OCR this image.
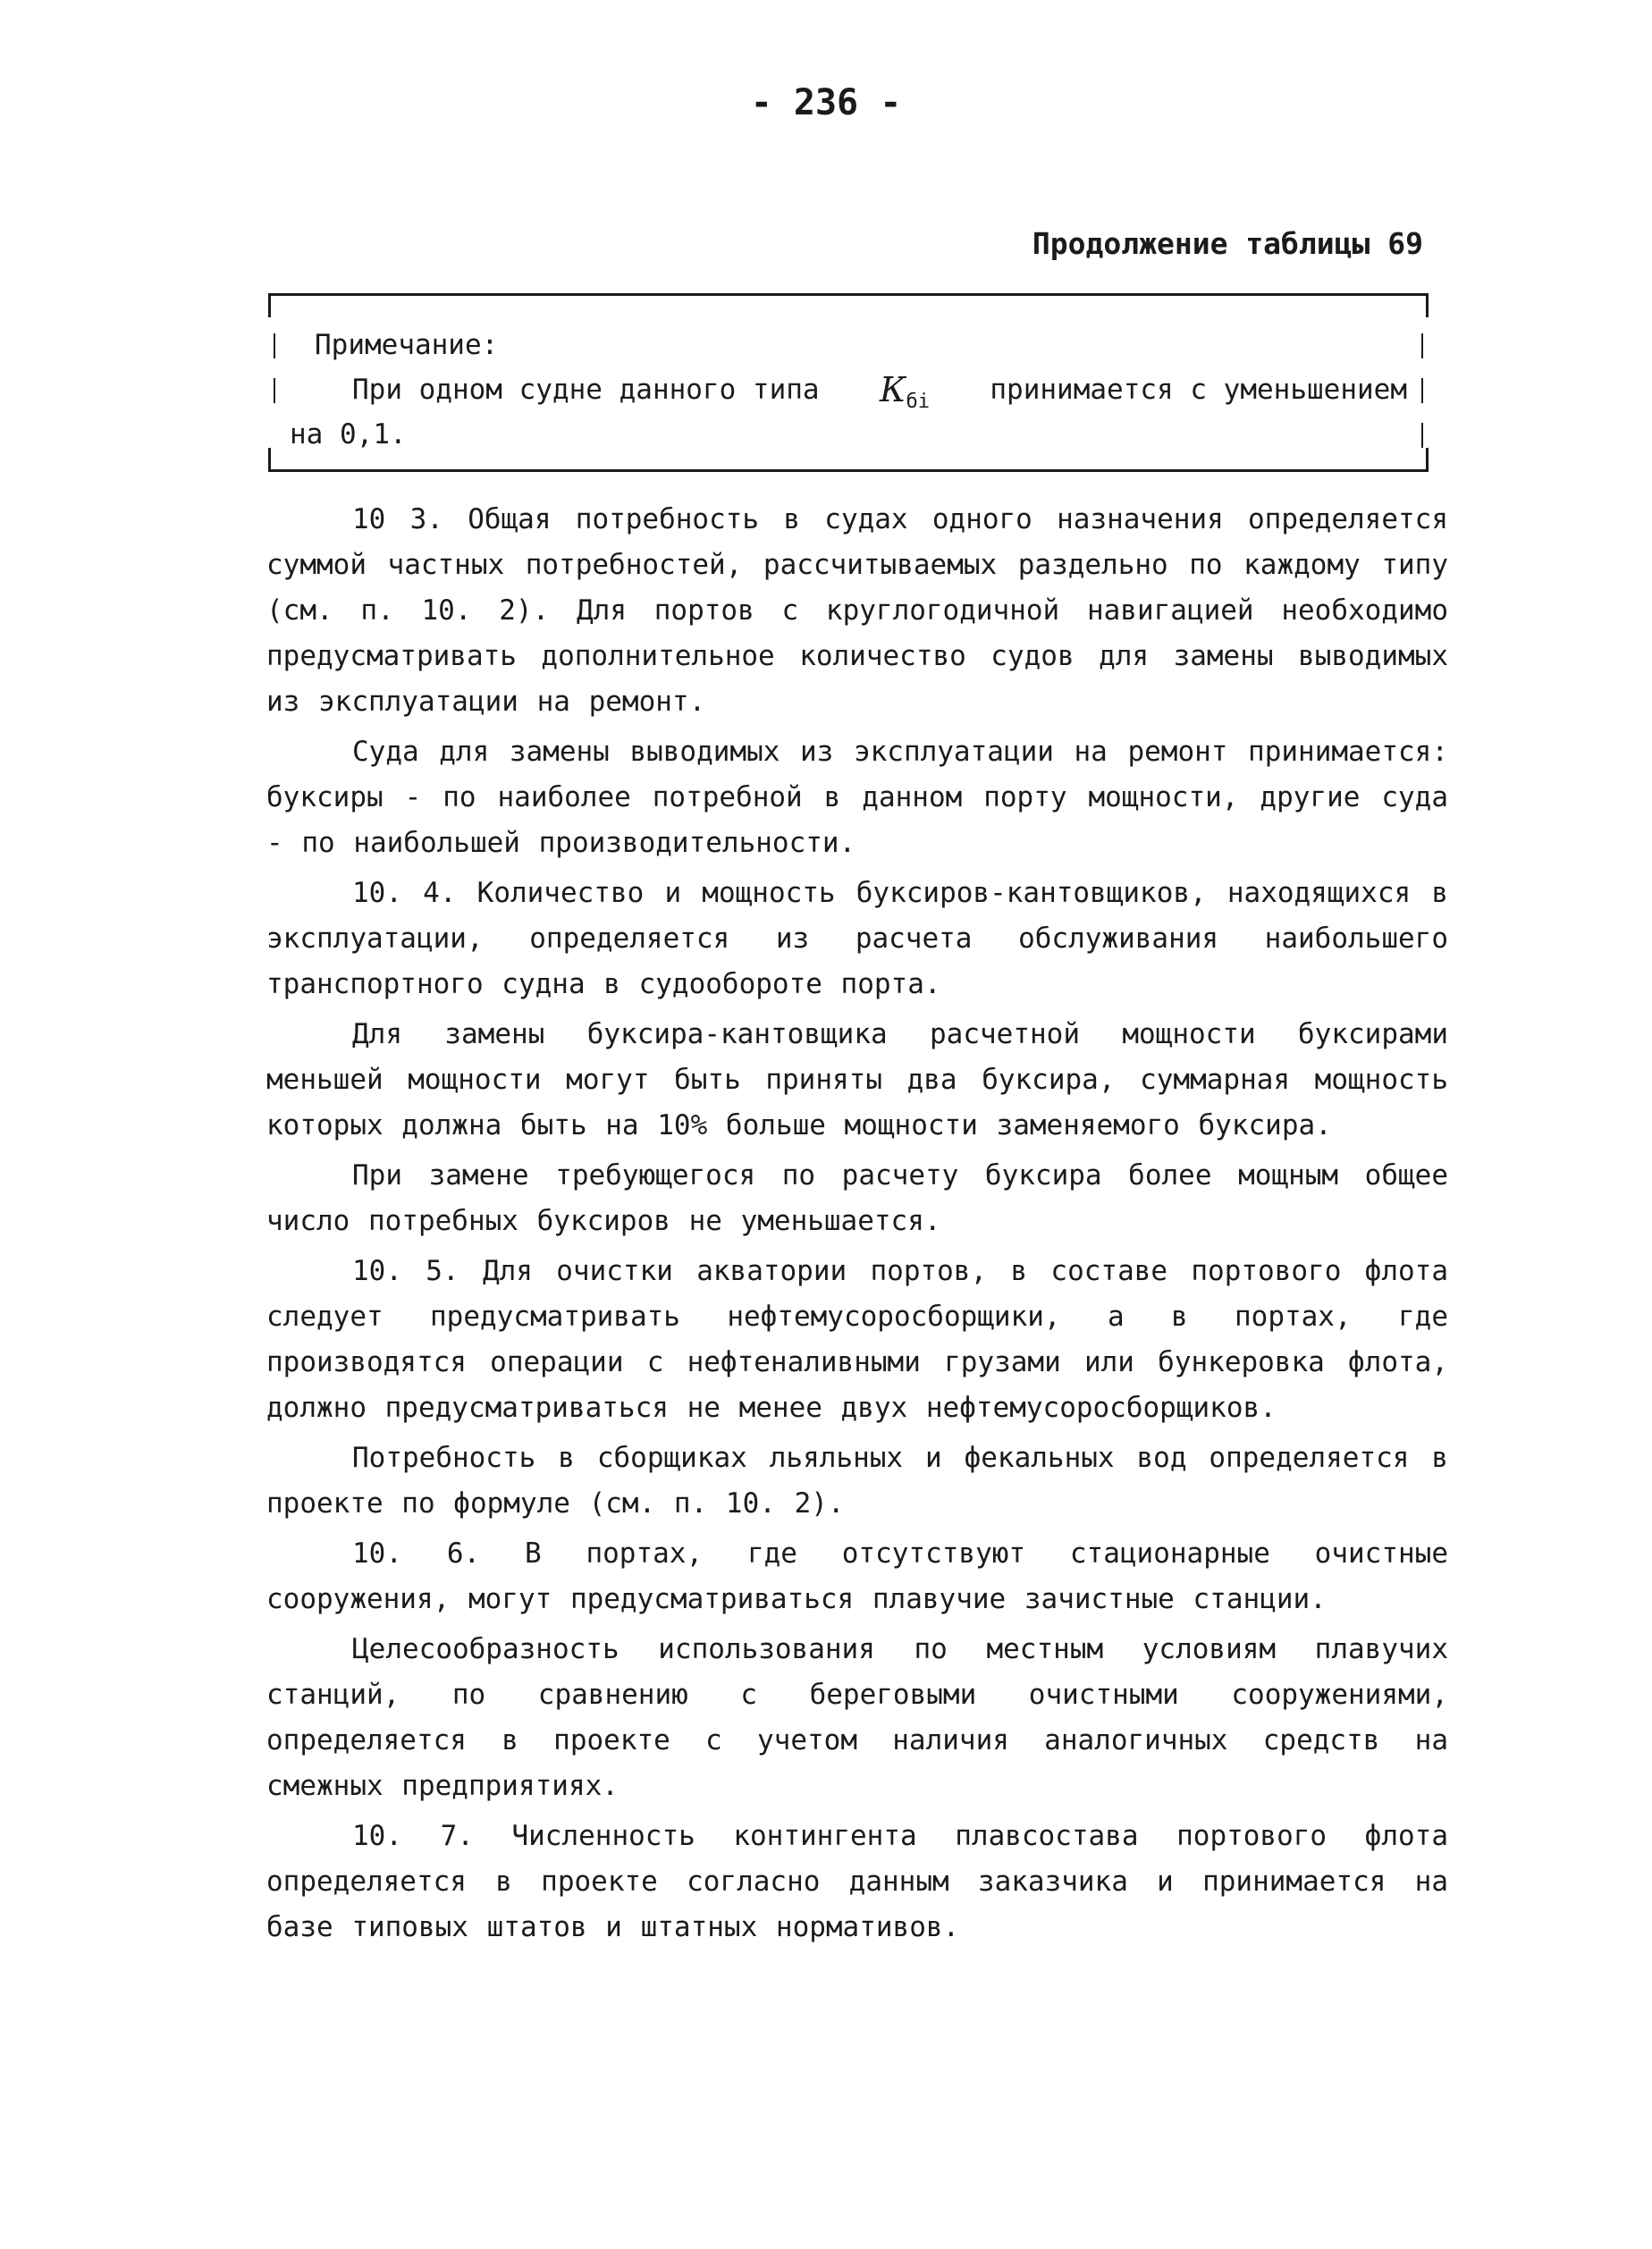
- 236 -
Продолжение таблицы 69
Примечание:
При одном судне данного типа $К_{бi}$ принимается с уменьшением
на 0,1.

10 3. Общая потребность в судах одного назначения определяется суммой частных потребностей, рассчитываемых раздельно по каждому типу (см. п. 10. 2). Для портов с круглогодичной навигацией необходимо предусматривать дополнительное количество судов для замены выводимых из эксплуатации на ремонт.

Суда для замены выводимых из эксплуатации на ремонт принимается: буксиры - по наиболее потребной в данном порту мощности, другие суда - по наибольшей производительности.

10. 4. Количество и мощность буксиров-кантовщиков, находящихся в эксплуатации, определяется из расчета обслуживания наибольшего транспортного судна в судообороте порта.

Для замены буксира-кантовщика расчетной мощности буксирами меньшей мощности могут быть приняты два буксира, суммарная мощность которых должна быть на 10% больше мощности заменяемого буксира.

При замене требующегося по расчету буксира более мощным общее число потребных буксиров не уменьшается.

10. 5. Для очистки акватории портов, в составе портового флота следует предусматривать нефтемусоросборщики, а в портах, где производятся операции с нефтеналивными грузами или бункеровка флота, должно предусматриваться не менее двух нефтемусоросборщиков.

Потребность в сборщиках льяльных и фекальных вод определяется в проекте по формуле (см. п. 10. 2).

10. 6. В портах, где отсутствуют стационарные очистные сооружения, могут предусматриваться плавучие зачистные станции.

Целесообразность использования по местным условиям плавучих станций, по сравнению с береговыми очистными сооружениями, определяется в проекте с учетом наличия аналогичных средств на смежных предприятиях.

10. 7. Численность контингента плавсостава портового флота определяется в проекте согласно данным заказчика и принимается на базе типовых штатов и штатных нормативов.
